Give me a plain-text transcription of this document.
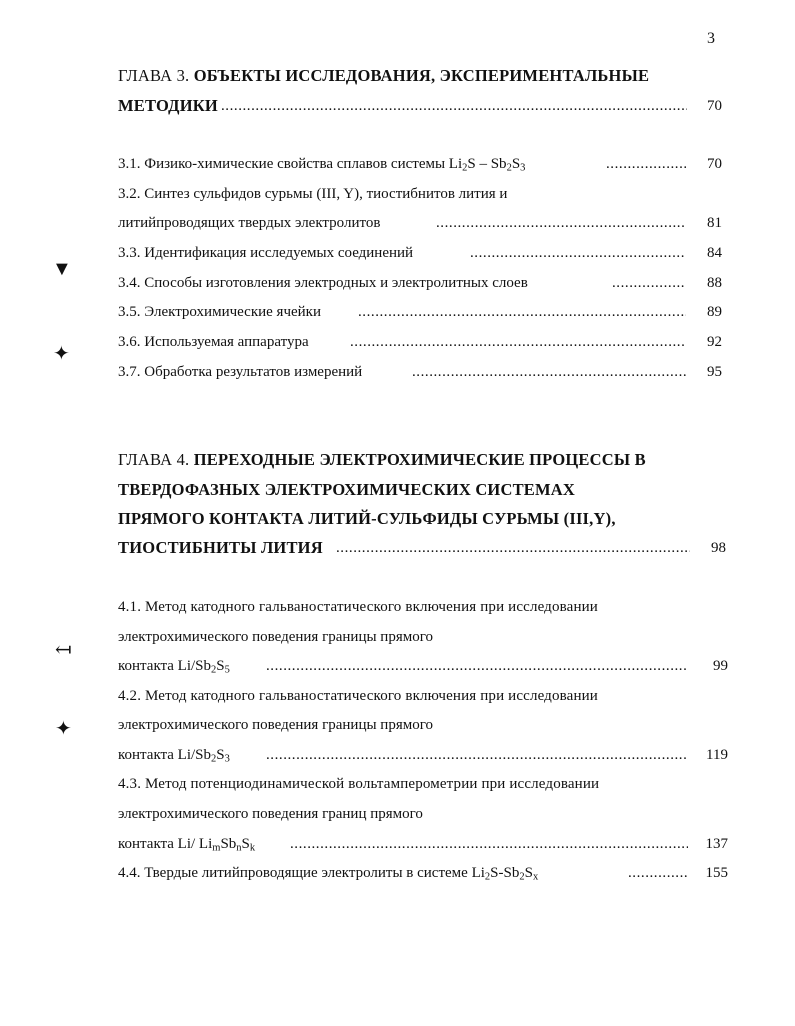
3
▼
✦
↤
✦
ГЛАВА 3. ОБЪЕКТЫ ИССЛЕДОВАНИЯ, ЭКСПЕРИМЕНТАЛЬНЫЕ
МЕТОДИКИ . . .	70
3.1. Физико-химические свойства сплавов системы $Li_2S - Sb_2S_3$ . . .	70
3.2. Синтез сульфидов сурьмы (III, Y), тиостибнитов лития и
литийпроводящих твердых электролитов . . .	81
3.3. Идентификация исследуемых соединений . . .	84
3.4. Способы изготовления электродных и электролитных слоев . . .	88
3.5. Электрохимические ячейки . . .	89
3.6. Используемая аппаратура . . .	92
3.7. Обработка результатов измерений . . .	95
ГЛАВА 4. ПЕРЕХОДНЫЕ ЭЛЕКТРОХИМИЧЕСКИЕ ПРОЦЕССЫ В
ТВЕРДОФАЗНЫХ ЭЛЕКТРОХИМИЧЕСКИХ СИСТЕМАХ
ПРЯМОГО КОНТАКТА ЛИТИЙ-СУЛЬФИДЫ СУРЬМЫ (III,Y),
ТИОСТИБНИТЫ ЛИТИЯ . . .	98
4.1. Метод катодного гальваностатического включения при исследовании
электрохимического поведения границы прямого
контакта $Li/Sb_2S_5$ . . .	99
4.2. Метод катодного гальваностатического включения при исследовании
электрохимического поведения границы прямого
контакта $Li/Sb_2S_3$ . . .	119
4.3. Метод потенциодинамической вольтамперометрии при исследовании
электрохимического поведения границ прямого
контакта Li/ $Li_mSb_nS_k$ . . .	137
4.4. Твердые литийпроводящие электролиты в системе $Li_2S-Sb_2S_x$ . . .	155
